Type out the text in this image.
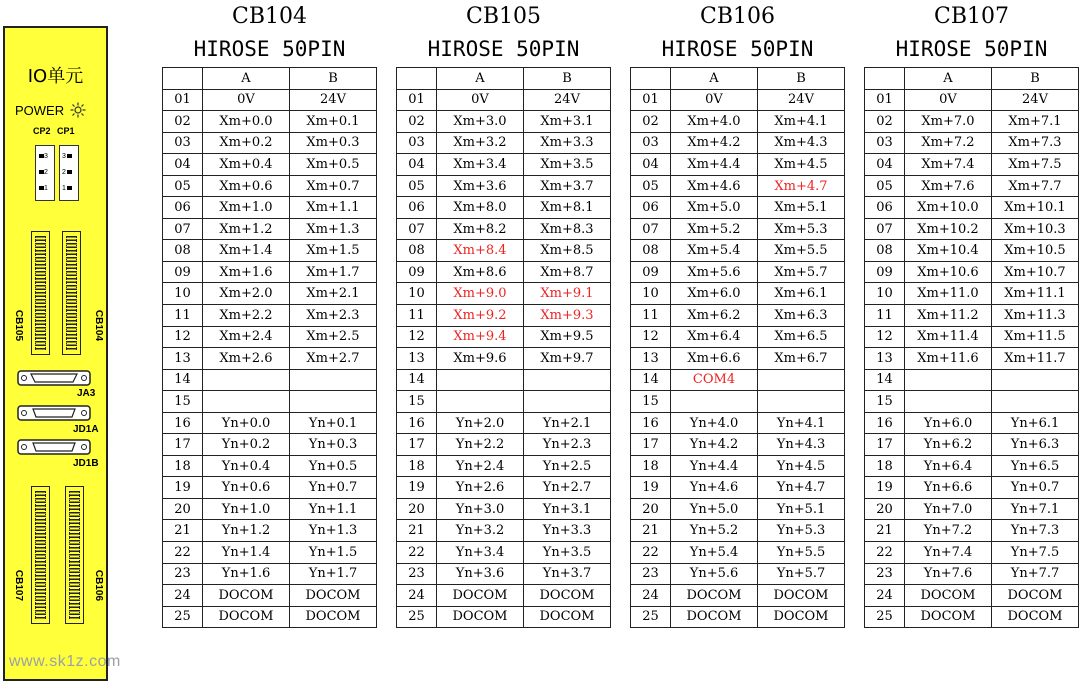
IO单元
POWER
CP2 CP1
3
2
1
3
2
1
CB105	CB104
JA3
JD1A
JD1B
CB107	CB106
www.sk1z.com
CB104
HIROSE 50PIN
	A	B
01	0V	24V
02	Xm+0.0	Xm+0.1
03	Xm+0.2	Xm+0.3
04	Xm+0.4	Xm+0.5
05	Xm+0.6	Xm+0.7
06	Xm+1.0	Xm+1.1
07	Xm+1.2	Xm+1.3
08	Xm+1.4	Xm+1.5
09	Xm+1.6	Xm+1.7
10	Xm+2.0	Xm+2.1
11	Xm+2.2	Xm+2.3
12	Xm+2.4	Xm+2.5
13	Xm+2.6	Xm+2.7
14		
15		
16	Yn+0.0	Yn+0.1
17	Yn+0.2	Yn+0.3
18	Yn+0.4	Yn+0.5
19	Yn+0.6	Yn+0.7
20	Yn+1.0	Yn+1.1
21	Yn+1.2	Yn+1.3
22	Yn+1.4	Yn+1.5
23	Yn+1.6	Yn+1.7
24	DOCOM	DOCOM
25	DOCOM	DOCOM
CB105
HIROSE 50PIN
	A	B
01	0V	24V
02	Xm+3.0	Xm+3.1
03	Xm+3.2	Xm+3.3
04	Xm+3.4	Xm+3.5
05	Xm+3.6	Xm+3.7
06	Xm+8.0	Xm+8.1
07	Xm+8.2	Xm+8.3
08	Xm+8.4	Xm+8.5
09	Xm+8.6	Xm+8.7
10	Xm+9.0	Xm+9.1
11	Xm+9.2	Xm+9.3
12	Xm+9.4	Xm+9.5
13	Xm+9.6	Xm+9.7
14		
15		
16	Yn+2.0	Yn+2.1
17	Yn+2.2	Yn+2.3
18	Yn+2.4	Yn+2.5
19	Yn+2.6	Yn+2.7
20	Yn+3.0	Yn+3.1
21	Yn+3.2	Yn+3.3
22	Yn+3.4	Yn+3.5
23	Yn+3.6	Yn+3.7
24	DOCOM	DOCOM
25	DOCOM	DOCOM
CB106
HIROSE 50PIN
	A	B
01	0V	24V
02	Xm+4.0	Xm+4.1
03	Xm+4.2	Xm+4.3
04	Xm+4.4	Xm+4.5
05	Xm+4.6	Xm+4.7
06	Xm+5.0	Xm+5.1
07	Xm+5.2	Xm+5.3
08	Xm+5.4	Xm+5.5
09	Xm+5.6	Xm+5.7
10	Xm+6.0	Xm+6.1
11	Xm+6.2	Xm+6.3
12	Xm+6.4	Xm+6.5
13	Xm+6.6	Xm+6.7
14	COM4	
15		
16	Yn+4.0	Yn+4.1
17	Yn+4.2	Yn+4.3
18	Yn+4.4	Yn+4.5
19	Yn+4.6	Yn+4.7
20	Yn+5.0	Yn+5.1
21	Yn+5.2	Yn+5.3
22	Yn+5.4	Yn+5.5
23	Yn+5.6	Yn+5.7
24	DOCOM	DOCOM
25	DOCOM	DOCOM
CB107
HIROSE 50PIN
	A	B
01	0V	24V
02	Xm+7.0	Xm+7.1
03	Xm+7.2	Xm+7.3
04	Xm+7.4	Xm+7.5
05	Xm+7.6	Xm+7.7
06	Xm+10.0	Xm+10.1
07	Xm+10.2	Xm+10.3
08	Xm+10.4	Xm+10.5
09	Xm+10.6	Xm+10.7
10	Xm+11.0	Xm+11.1
11	Xm+11.2	Xm+11.3
12	Xm+11.4	Xm+11.5
13	Xm+11.6	Xm+11.7
14		
15		
16	Yn+6.0	Yn+6.1
17	Yn+6.2	Yn+6.3
18	Yn+6.4	Yn+6.5
19	Yn+6.6	Yn+0.7
20	Yn+7.0	Yn+7.1
21	Yn+7.2	Yn+7.3
22	Yn+7.4	Yn+7.5
23	Yn+7.6	Yn+7.7
24	DOCOM	DOCOM
25	DOCOM	DOCOM
